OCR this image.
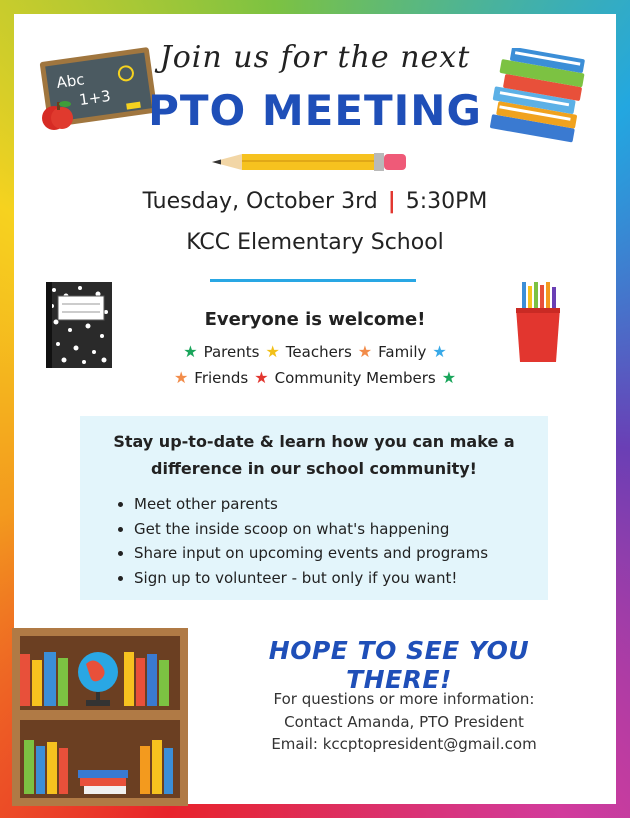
Abc
1+3
Join us for the next
PTO MEETING
Tuesday, October 3rd | 5:30PM
KCC Elementary School
Everyone is welcome!
★ Parents ★ Teachers ★ Family ★
★ Friends ★ Community Members ★
Stay up-to-date & learn how you can make a
difference in our school community!
• Meet other parents
• Get the inside scoop on what's happening
• Share input on upcoming events and programs
• Sign up to volunteer - but only if you want!
HOPE TO SEE YOU THERE!
For questions or more information:
Contact Amanda, PTO President
Email: kccptopresident@gmail.com
